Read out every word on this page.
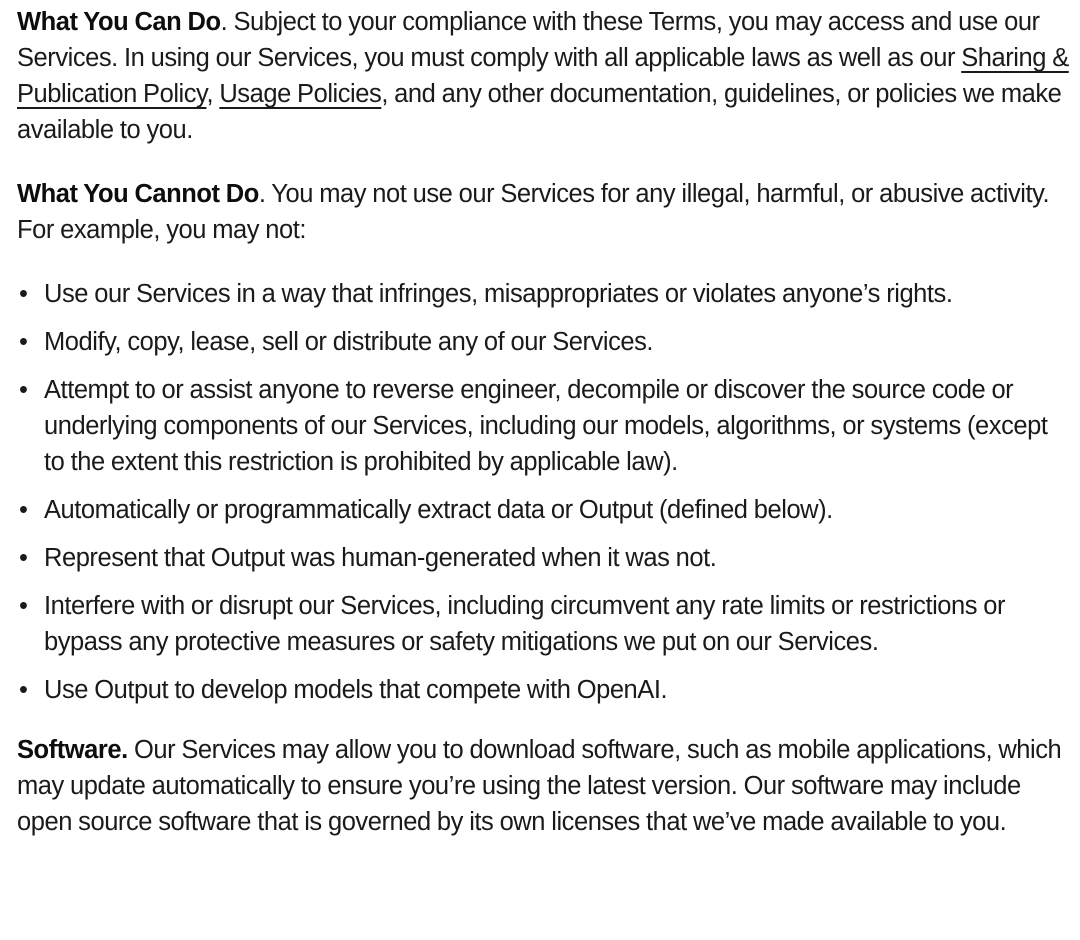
What You Can Do. Subject to your compliance with these Terms, you may access and use our Services. In using our Services, you must comply with all applicable laws as well as our Sharing & Publication Policy, Usage Policies, and any other documentation, guidelines, or policies we make available to you.

What You Cannot Do. You may not use our Services for any illegal, harmful, or abusive activity. For example, you may not:

• Use our Services in a way that infringes, misappropriates or violates anyone’s rights.
• Modify, copy, lease, sell or distribute any of our Services.
• Attempt to or assist anyone to reverse engineer, decompile or discover the source code or underlying components of our Services, including our models, algorithms, or systems (except to the extent this restriction is prohibited by applicable law).
• Automatically or programmatically extract data or Output (defined below).
• Represent that Output was human-generated when it was not.
• Interfere with or disrupt our Services, including circumvent any rate limits or restrictions or bypass any protective measures or safety mitigations we put on our Services.
• Use Output to develop models that compete with OpenAI.

Software. Our Services may allow you to download software, such as mobile applications, which may update automatically to ensure you’re using the latest version. Our software may include open source software that is governed by its own licenses that we’ve made available to you.
